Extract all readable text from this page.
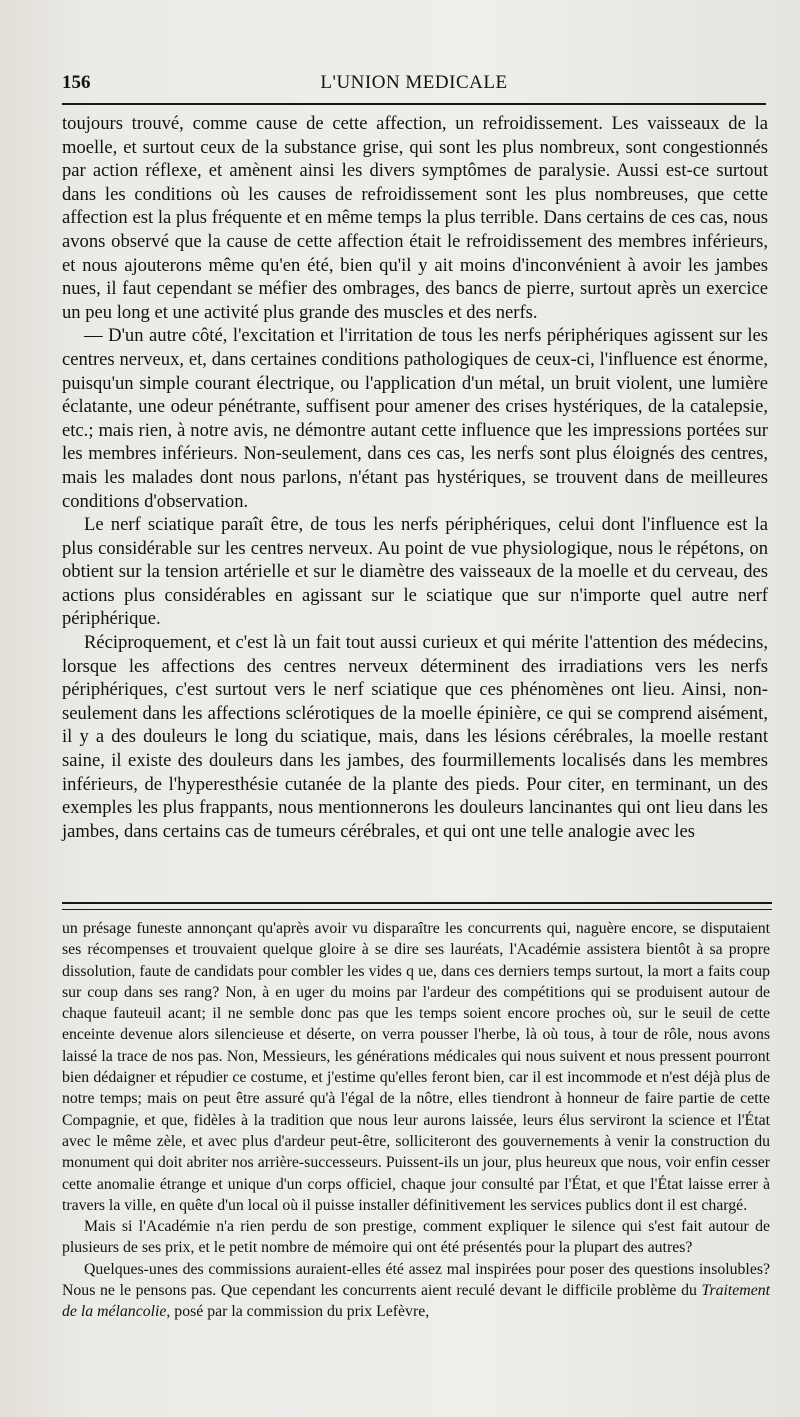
156	L'UNION MEDICALE

toujours trouvé, comme cause de cette affection, un refroidissement. Les vaisseaux de la moelle, et surtout ceux de la substance grise, qui sont les plus nombreux, sont congestionnés par action réflexe, et amènent ainsi les divers symptômes de paralysie. Aussi est-ce surtout dans les conditions où les causes de refroidissement sont les plus nombreuses, que cette affection est la plus fréquente et en même temps la plus terrible. Dans certains de ces cas, nous avons observé que la cause de cette affection était le refroidissement des membres inférieurs, et nous ajouterons même qu'en été, bien qu'il y ait moins d'inconvénient à avoir les jambes nues, il faut cependant se méfier des ombrages, des bancs de pierre, surtout après un exercice un peu long et une activité plus grande des muscles et des nerfs.

— D'un autre côté, l'excitation et l'irritation de tous les nerfs périphériques agissent sur les centres nerveux, et, dans certaines conditions pathologiques de ceux-ci, l'influence est énorme, puisqu'un simple courant électrique, ou l'application d'un métal, un bruit violent, une lumière éclatante, une odeur pénétrante, suffisent pour amener des crises hystériques, de la catalepsie, etc.; mais rien, à notre avis, ne démontre autant cette influence que les impressions portées sur les membres inférieurs. Non-seulement, dans ces cas, les nerfs sont plus éloignés des centres, mais les malades dont nous parlons, n'étant pas hystériques, se trouvent dans de meilleures conditions d'observation.

Le nerf sciatique paraît être, de tous les nerfs périphériques, celui dont l'influence est la plus considérable sur les centres nerveux. Au point de vue physiologique, nous le répétons, on obtient sur la tension artérielle et sur le diamètre des vaisseaux de la moelle et du cerveau, des actions plus considérables en agissant sur le sciatique que sur n'importe quel autre nerf périphérique.

Réciproquement, et c'est là un fait tout aussi curieux et qui mérite l'attention des médecins, lorsque les affections des centres nerveux déterminent des irradiations vers les nerfs périphériques, c'est surtout vers le nerf sciatique que ces phénomènes ont lieu. Ainsi, non-seulement dans les affections sclérotiques de la moelle épinière, ce qui se comprend aisément, il y a des douleurs le long du sciatique, mais, dans les lésions cérébrales, la moelle restant saine, il existe des douleurs dans les jambes, des fourmillements localisés dans les membres inférieurs, de l'hyperesthésie cutanée de la plante des pieds. Pour citer, en terminant, un des exemples les plus frappants, nous mentionnerons les douleurs lancinantes qui ont lieu dans les jambes, dans certains cas de tumeurs cérébrales, et qui ont une telle analogie avec les

un présage funeste annonçant qu'après avoir vu disparaître les concurrents qui, naguère encore, se disputaient ses récompenses et trouvaient quelque gloire à se dire ses lauréats, l'Académie assistera bientôt à sa propre dissolution, faute de candidats pour combler les vides q ue, dans ces derniers temps surtout, la mort a faits coup sur coup dans ses rang? Non, à en uger du moins par l'ardeur des compétitions qui se produisent autour de chaque fauteuil acant; il ne semble donc pas que les temps soient encore proches où, sur le seuil de cette enceinte devenue alors silencieuse et déserte, on verra pousser l'herbe, là où tous, à tour de rôle, nous avons laissé la trace de nos pas. Non, Messieurs, les générations médicales qui nous suivent et nous pressent pourront bien dédaigner et répudier ce costume, et j'estime qu'elles feront bien, car il est incommode et n'est déjà plus de notre temps; mais on peut être assuré qu'à l'égal de la nôtre, elles tiendront à honneur de faire partie de cette Compagnie, et que, fidèles à la tradition que nous leur aurons laissée, leurs élus serviront la science et l'État avec le même zèle, et avec plus d'ardeur peut-être, solliciteront des gouvernements à venir la construction du monument qui doit abriter nos arrière-successeurs. Puissent-ils un jour, plus heureux que nous, voir enfin cesser cette anomalie étrange et unique d'un corps officiel, chaque jour consulté par l'État, et que l'État laisse errer à travers la ville, en quête d'un local où il puisse installer définitivement les services publics dont il est chargé.

Mais si l'Académie n'a rien perdu de son prestige, comment expliquer le silence qui s'est fait autour de plusieurs de ses prix, et le petit nombre de mémoire qui ont été présentés pour la plupart des autres?

Quelques-unes des commissions auraient-elles été assez mal inspirées pour poser des questions insolubles? Nous ne le pensons pas. Que cependant les concurrents aient reculé devant le difficile problème du Traitement de la mélancolie, posé par la commission du prix Lefèvre,
